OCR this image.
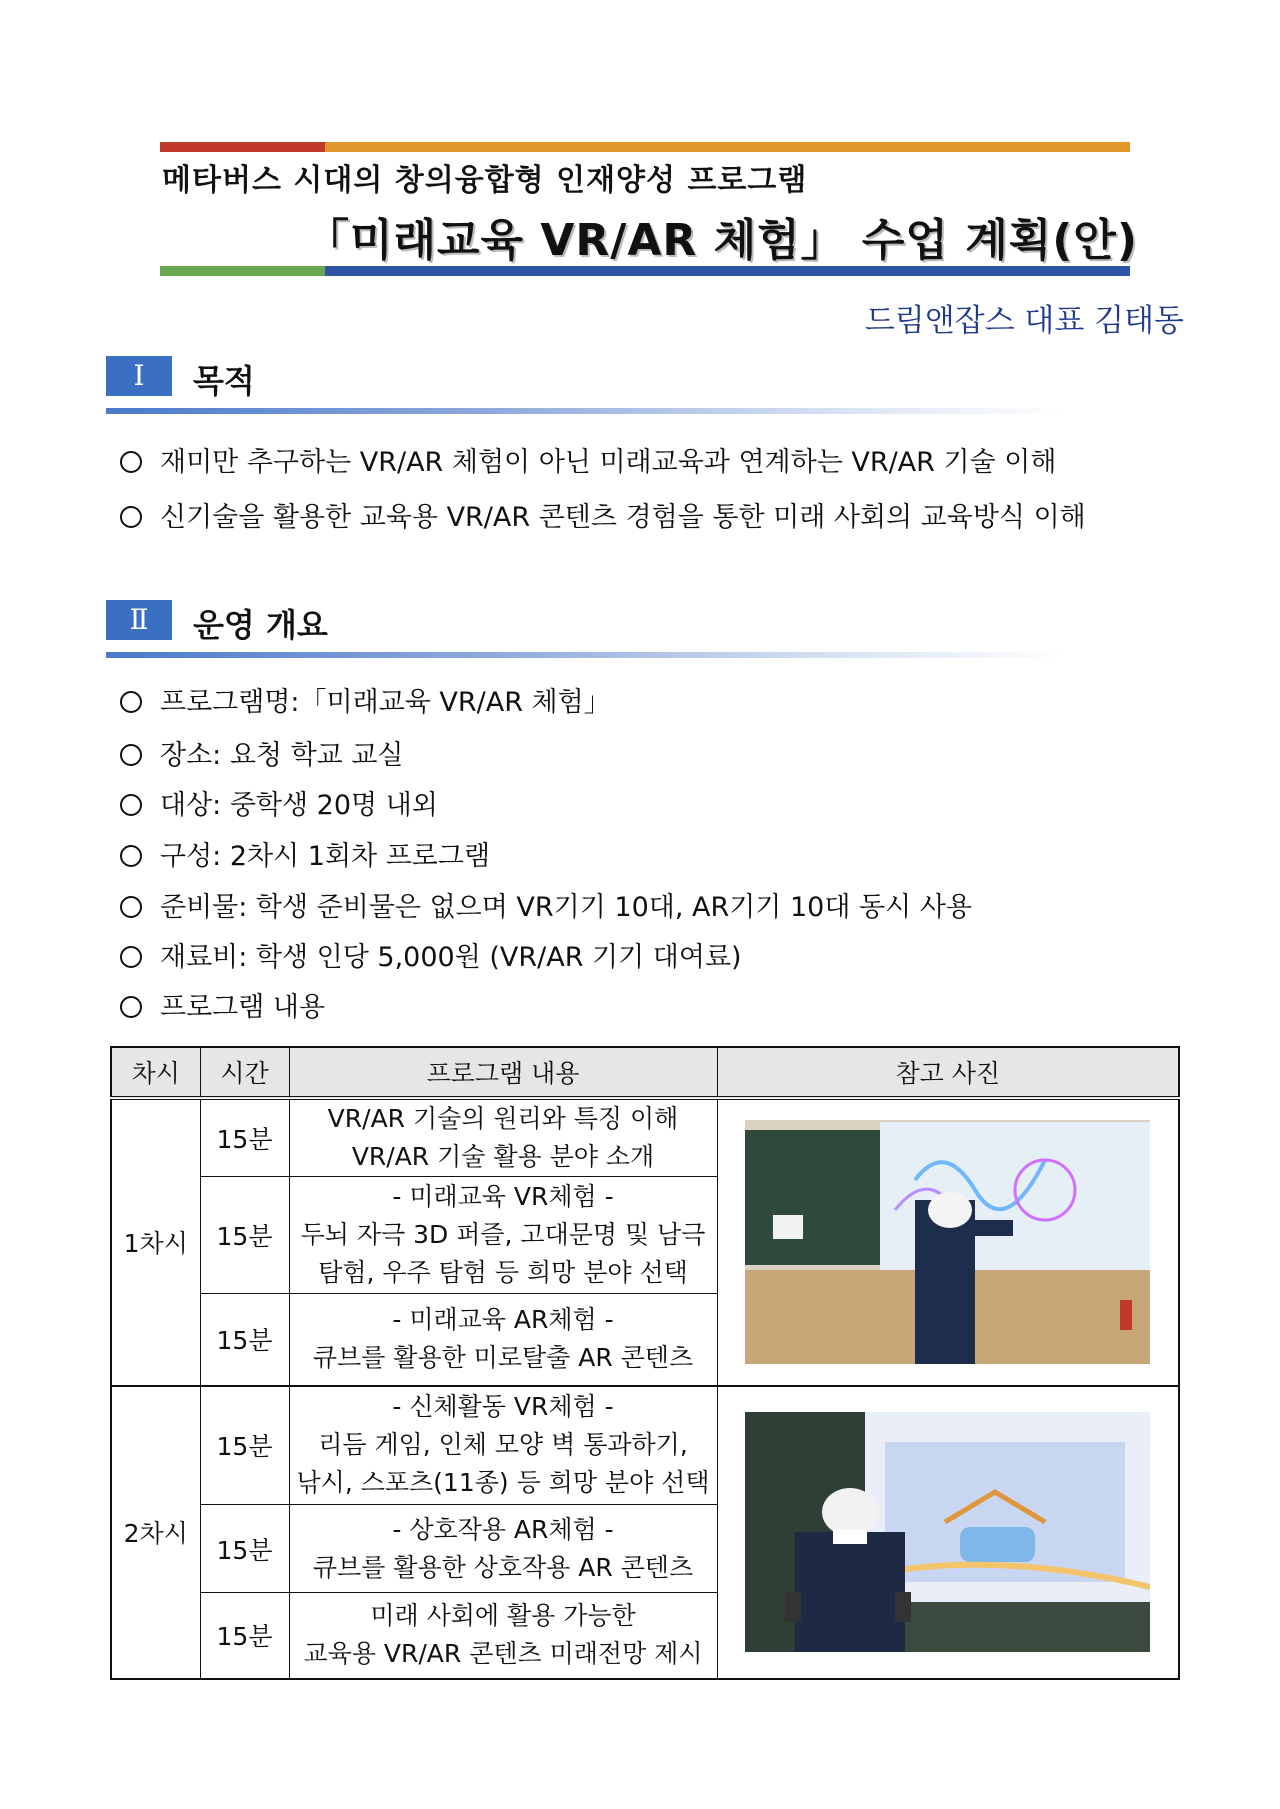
메타버스 시대의 창의융합형 인재양성 프로그램
「미래교육 VR/AR 체험」 수업 계획(안)
드림앤잡스 대표 김태동
Ⅰ	목적
재미만 추구하는 VR/AR 체험이 아닌 미래교육과 연계하는 VR/AR 기술 이해
신기술을 활용한 교육용 VR/AR 콘텐츠 경험을 통한 미래 사회의 교육방식 이해
Ⅱ	운영 개요
프로그램명:「미래교육 VR/AR 체험」
장소: 요청 학교 교실
대상: 중학생 20명 내외
구성: 2차시 1회차 프로그램
준비물: 학생 준비물은 없으며 VR기기 10대, AR기기 10대 동시 사용
재료비: 학생 인당 5,000원 (VR/AR 기기 대여료)
프로그램 내용
차시	시간	프로그램 내용	참고 사진
1차시	15분	VR/AR 기술의 원리와 특징 이해
VR/AR 기술 활용 분야 소개

	15분	- 미래교육 VR체험 -
두뇌 자극 3D 퍼즐, 고대문명 및 남극
탐험, 우주 탐험 등 희망 분야 선택	

	15분	- 미래교육 AR체험 -
큐브를 활용한 미로탈출 AR 콘텐츠	

2차시	15분	- 신체활동 VR체험 -
리듬 게임, 인체 모양 벽 통과하기,
낚시, 스포츠(11종) 등 희망 분야 선택

	15분	- 상호작용 AR체험 -
큐브를 활용한 상호작용 AR 콘텐츠	

	15분	미래 사회에 활용 가능한
교육용 VR/AR 콘텐츠 미래전망 제시	
